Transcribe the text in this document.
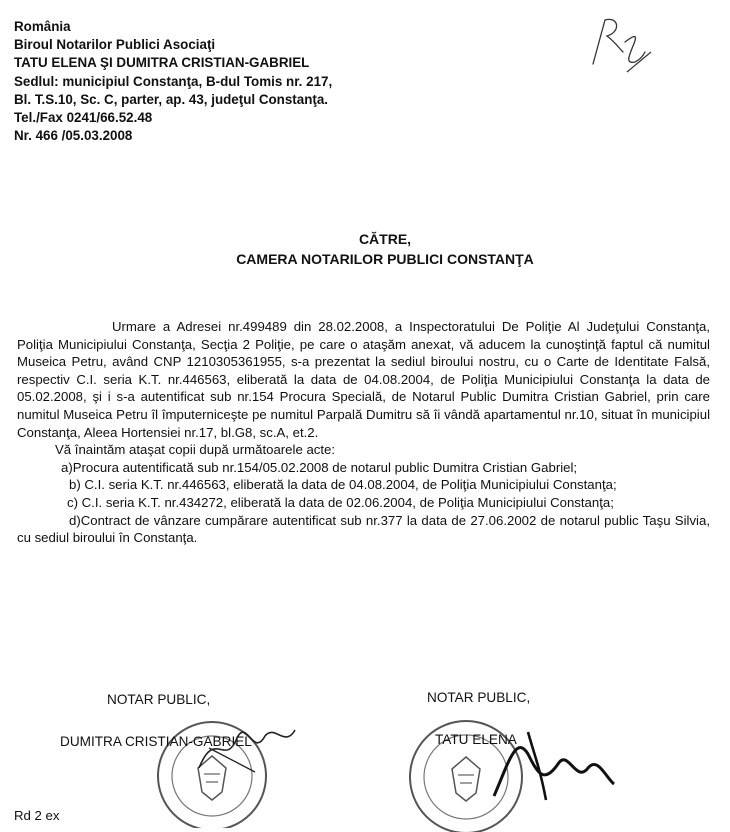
România
Biroul Notarilor Publici Asociaţi
TATU ELENA ŞI DUMITRA CRISTIAN-GABRIEL
Sedlul: municipiul Constanţa, B-dul Tomis nr. 217,
Bl. T.S.10, Sc. C, parter, ap. 43, judeţul Constanţa.
Tel./Fax 0241/66.52.48
Nr. 466 /05.03.2008
CĂTRE,
CAMERA NOTARILOR PUBLICI CONSTANŢA

Urmare a Adresei nr.499489 din 28.02.2008, a Inspectoratului De Poliţie Al Judeţului Constanţa, Poliţia Municipiului Constanţa, Secţia 2 Poliţie, pe care o ataşăm anexat, vă aducem la cunoştinţă faptul că numitul Museica Petru, având CNP 1210305361955, s-a prezentat la sediul biroului nostru, cu o Carte de Identitate Falsă, respectiv C.I. seria K.T. nr.446563, eliberată la data de 04.08.2004, de Poliţia Municipiului Constanţa la data de 05.02.2008, şi i s-a autentificat sub nr.154 Procura Specială, de Notarul Public Dumitra Cristian Gabriel, prin care numitul Museica Petru îl împuterniceşte pe numitul Parpală Dumitru să îi vândă apartamentul nr.10, situat în municipiul Constanţa, Aleea Hortensiei nr.17, bl.G8, sc.A, et.2.

Vă înaintăm ataşat copii după următoarele acte:

a)Procura autentificată sub nr.154/05.02.2008 de notarul public Dumitra Cristian Gabriel;

b) C.I. seria K.T. nr.446563, eliberată la data de 04.08.2004, de Poliţia Municipiului Constanţa;

c) C.I. seria K.T. nr.434272, eliberată la data de 02.06.2004, de Poliţia Municipiului Constanţa;

d)Contract de vânzare cumpărare autentificat sub nr.377 la data de 27.06.2002 de notarul public Taşu Silvia, cu sediul biroului în Constanţa.

NOTAR PUBLIC,
DUMITRA CRISTIAN-GABRIEL
NOTAR PUBLIC,
TATU ELENA
Rd 2 ex
